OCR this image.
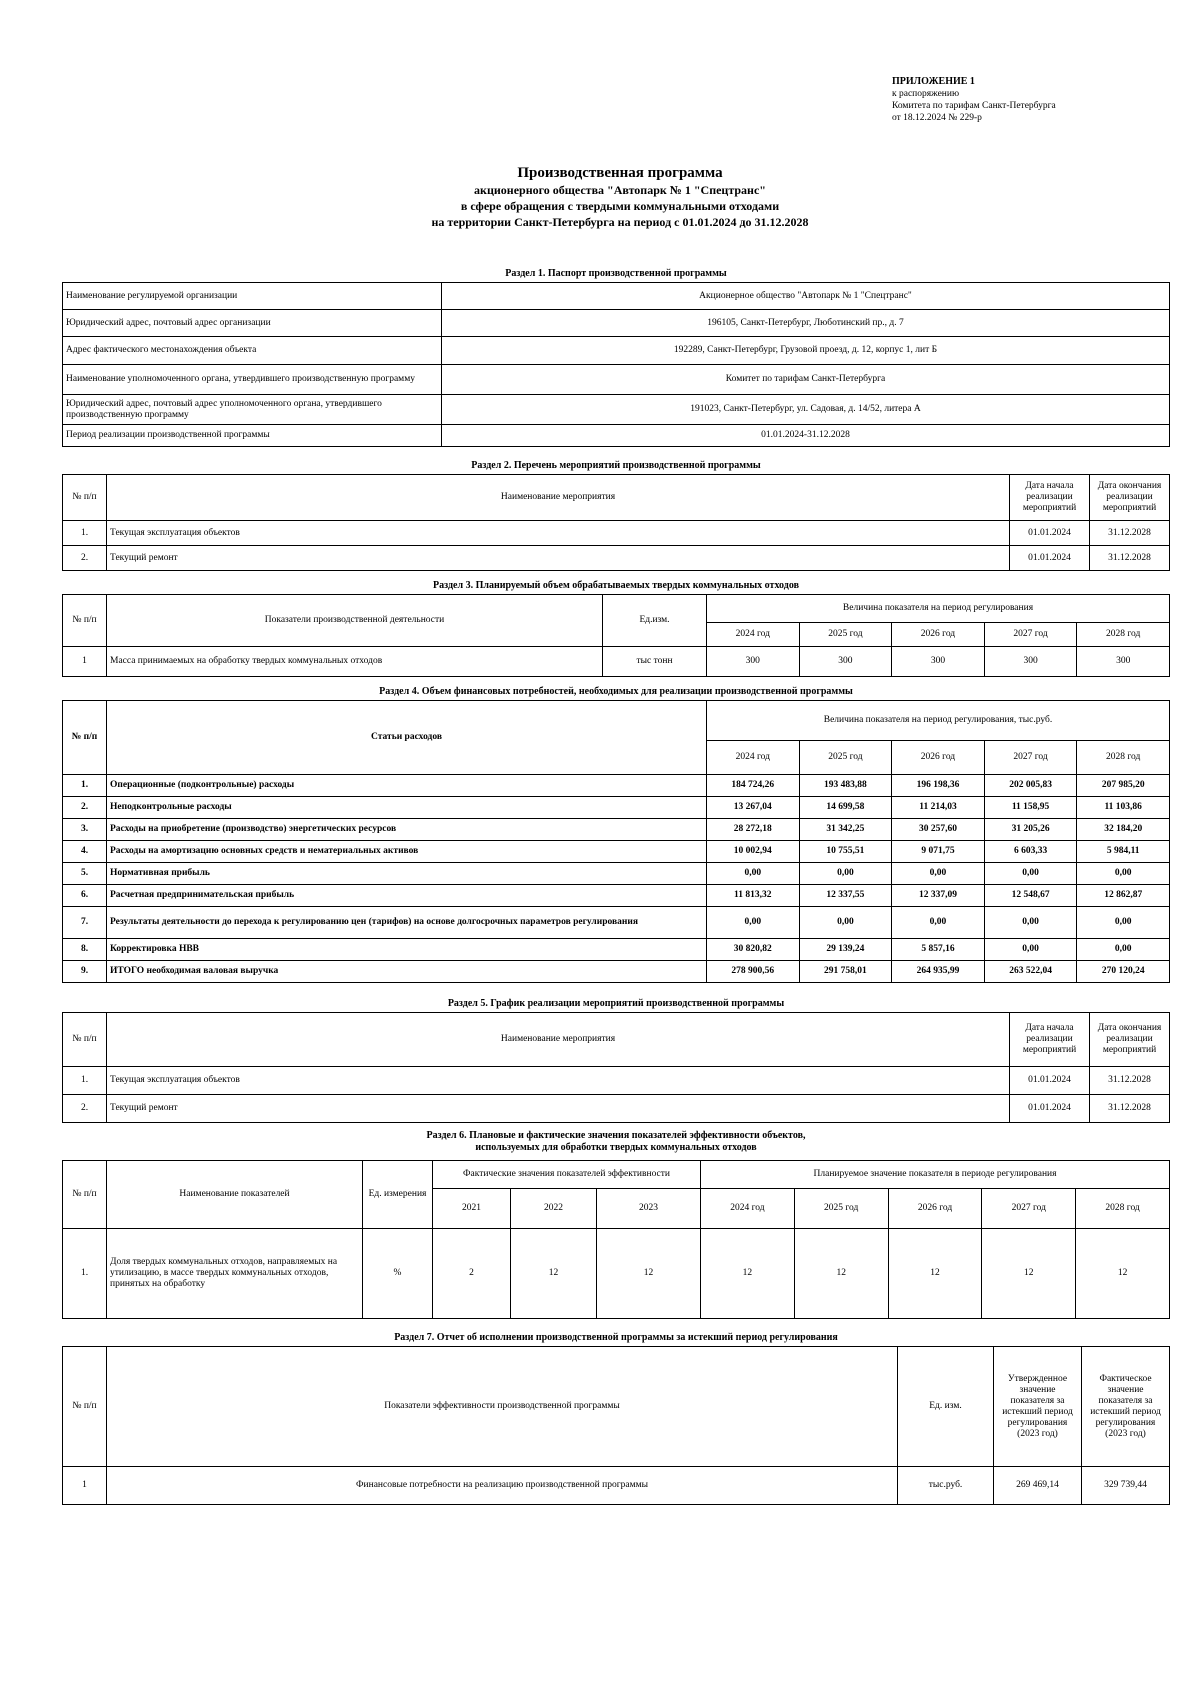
ПРИЛОЖЕНИЕ 1
к распоряжению
Комитета по тарифам Санкт-Петербурга
от 18.12.2024 № 229-р
Производственная программа
акционерного общества "Автопарк № 1 "Спецтранс"
в сфере обращения с твердыми коммунальными отходами
на территории Санкт-Петербурга на период с 01.01.2024 до 31.12.2028
Раздел 1. Паспорт производственной программы
Наименование регулируемой организации	Акционерное общество "Автопарк № 1 "Спецтранс"
Юридический адрес, почтовый адрес организации	196105, Санкт-Петербург, Люботинский пр., д. 7
Адрес фактического местонахождения объекта	192289, Санкт-Петербург, Грузовой проезд, д. 12, корпус 1, лит Б
Наименование уполномоченного органа, утвердившего производственную программу	Комитет по тарифам Санкт-Петербурга
Юридический адрес, почтовый адрес уполномоченного органа, утвердившего производственную программу	191023, Санкт-Петербург, ул. Садовая, д. 14/52, литера А
Период реализации производственной программы	01.01.2024-31.12.2028
Раздел 2. Перечень мероприятий производственной программы
№ п/п	Наименование мероприятия	Дата начала реализации мероприятий	Дата окончания реализации мероприятий
1.	Текущая эксплуатация объектов	01.01.2024	31.12.2028
2.	Текущий ремонт	01.01.2024	31.12.2028
Раздел 3. Планируемый объем обрабатываемых твердых коммунальных отходов
№ п/п	Показатели производственной деятельности	Ед.изм.	Величина показателя на период регулирования				
			2024 год	2025 год	2026 год	2027 год	2028 год
1	Масса принимаемых на обработку твердых коммунальных отходов	тыс тонн	300	300	300	300	300
Раздел 4. Объем финансовых потребностей, необходимых для реализации производственной программы
№ п/п	Статьи расходов	Величина показателя на период регулирования, тыс.руб.				
		2024 год	2025 год	2026 год	2027 год	2028 год
1.	Операционные (подконтрольные) расходы	184 724,26	193 483,88	196 198,36	202 005,83	207 985,20
2.	Неподконтрольные расходы	13 267,04	14 699,58	11 214,03	11 158,95	11 103,86
3.	Расходы на приобретение (производство) энергетических ресурсов	28 272,18	31 342,25	30 257,60	31 205,26	32 184,20
4.	Расходы на амортизацию основных средств и нематериальных активов	10 002,94	10 755,51	9 071,75	6 603,33	5 984,11
5.	Нормативная прибыль	0,00	0,00	0,00	0,00	0,00
6.	Расчетная предпринимательская прибыль	11 813,32	12 337,55	12 337,09	12 548,67	12 862,87
7.	Результаты деятельности до перехода к регулированию цен (тарифов) на основе долгосрочных параметров регулирования	0,00	0,00	0,00	0,00	0,00
8.	Корректировка НВВ	30 820,82	29 139,24	5 857,16	0,00	0,00
9.	ИТОГО необходимая валовая выручка	278 900,56	291 758,01	264 935,99	263 522,04	270 120,24
Раздел 5. График реализации мероприятий производственной программы
№ п/п	Наименование мероприятия	Дата начала реализации мероприятий	Дата окончания реализации мероприятий
1.	Текущая эксплуатация объектов	01.01.2024	31.12.2028
2.	Текущий ремонт	01.01.2024	31.12.2028
Раздел 6. Плановые и фактические значения показателей эффективности объектов,
используемых для обработки твердых коммунальных отходов
№ п/п	Наименование показателей	Ед. измерения	Фактические значения показателей эффективности			Планируемое значение показателя в периоде регулирования				
			2021	2022	2023	2024 год	2025 год	2026 год	2027 год	2028 год
1.	Доля твердых коммунальных отходов, направляемых на утилизацию, в массе твердых коммунальных отходов, принятых на обработку	%	2	12	12	12	12	12	12	12
Раздел 7. Отчет об исполнении производственной программы за истекший период регулирования
№ п/п	Показатели эффективности производственной программы	Ед. изм.	Утвержденное значение показателя за истекший период регулирования (2023 год)	Фактическое значение показателя за истекший период регулирования (2023 год)
1	Финансовые потребности на реализацию производственной программы	тыс.руб.	269 469,14	329 739,44
